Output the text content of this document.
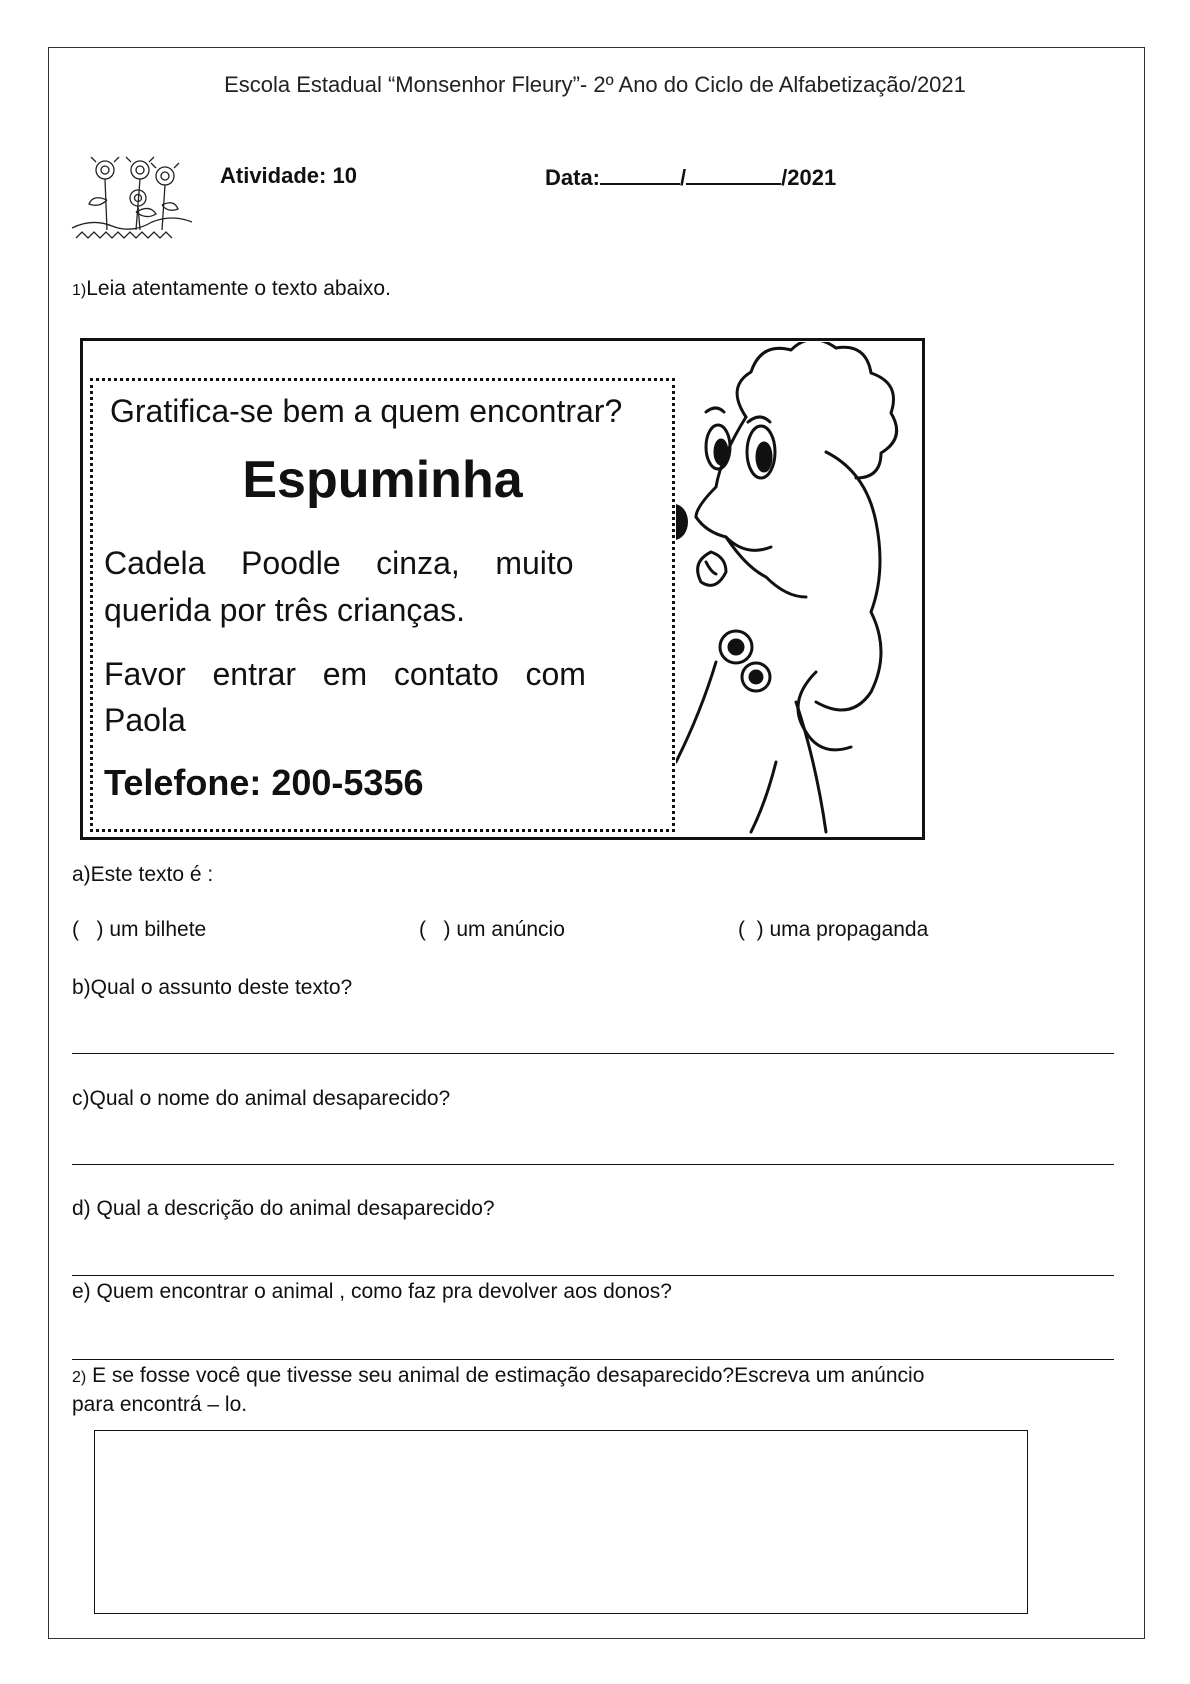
Escola Estadual “Monsenhor Fleury”- 2º Ano do Ciclo de Alfabetização/2021
Atividade: 10	Data:	/	/2021
1)Leia atentamente o texto abaixo.
Gratifica-se bem a quem encontrar?
Espuminha
Cadela    Poodle    cinza,    muito
querida por três crianças.
Favor   entrar   em   contato   com
Paola
Telefone: 200-5356
a)Este texto é :
(   ) um bilhete	(   ) um anúncio	(  ) uma propaganda
b)Qual o assunto deste texto?
c)Qual o nome do animal desaparecido?
d) Qual a descrição do animal desaparecido?
e) Quem encontrar o animal , como faz pra devolver aos donos?
2) E se fosse você que tivesse seu animal de estimação desaparecido?Escreva um anúncio
para encontrá – lo.
